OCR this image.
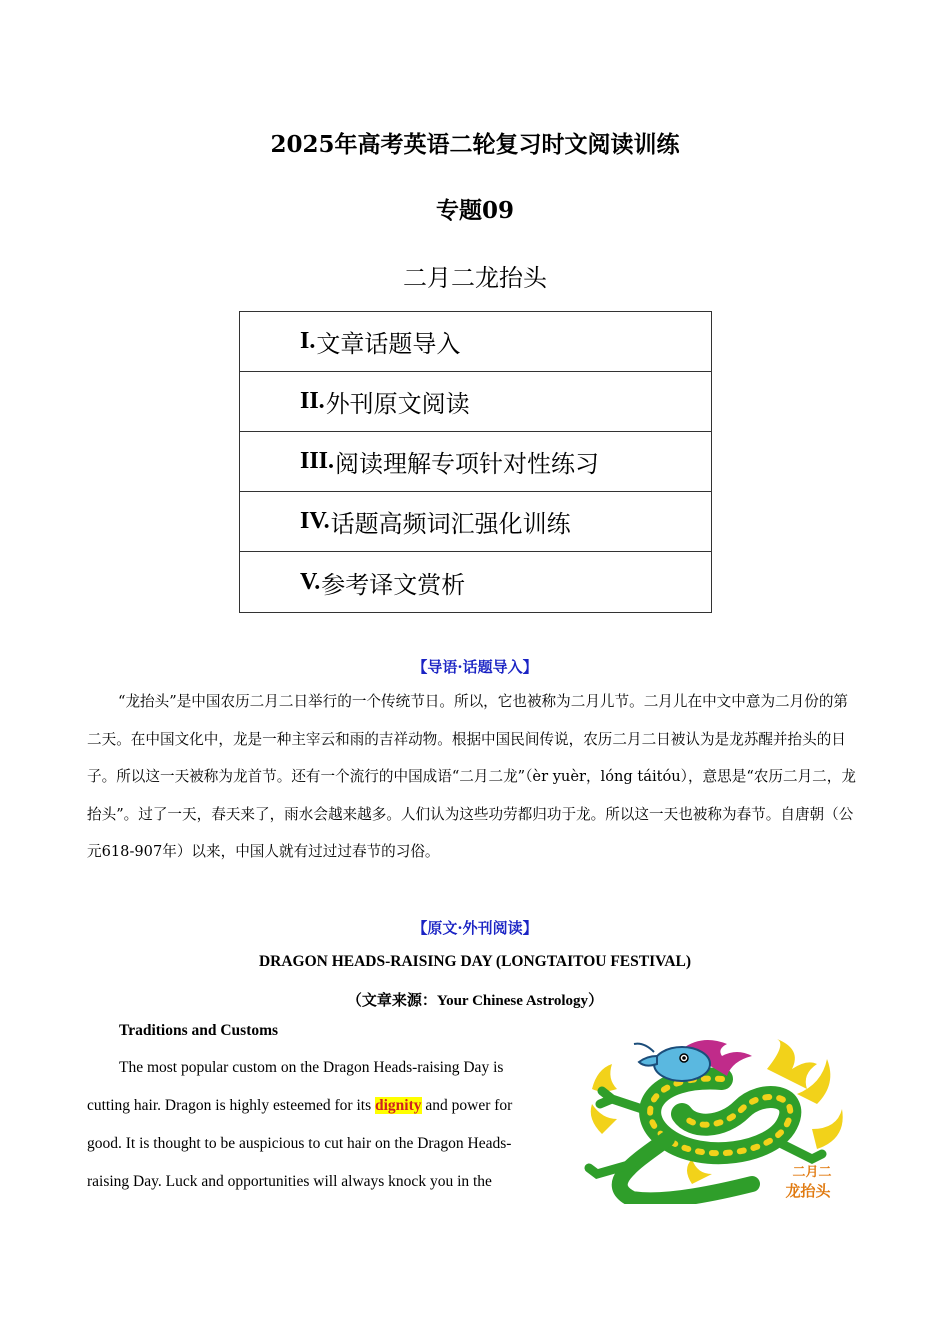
2025年高考英语二轮复习时文阅读训练
专题09
二月二龙抬头
I. 文章话题导入
II. 外刊原文阅读
III. 阅读理解专项针对性练习
IV. 话题高频词汇强化训练
V. 参考译文赏析
【导语·话题导入】
“龙抬头”是中国农历二月二日举行的一个传统节日。所以，它也被称为二月儿节。二月儿在中文中意为二月份的第二天。在中国文化中，龙是一种主宰云和雨的吉祥动物。根据中国民间传说，农历二月二日被认为是龙苏醒并抬头的日子。所以这一天被称为龙首节。还有一个流行的中国成语“二月二龙”（èr yuèr，lóng táitóu），意思是“农历二月二，龙抬头”。过了一天，春天来了，雨水会越来越多。人们认为这些功劳都归功于龙。所以这一天也被称为春节。自唐朝（公元618-907年）以来，中国人就有过过过春节的习俗。
【原文·外刊阅读】
DRAGON HEADS-RAISING DAY (LONGTAITOU FESTIVAL)
（文章来源：Your Chinese Astrology）
Traditions and Customs
The most popular custom on the Dragon Heads-raising Day is cutting hair. Dragon is highly esteemed for its dignity and power for good. It is thought to be auspicious to cut hair on the Dragon Heads-raising Day. Luck and opportunities will always knock you in the
二月二
龙抬头
